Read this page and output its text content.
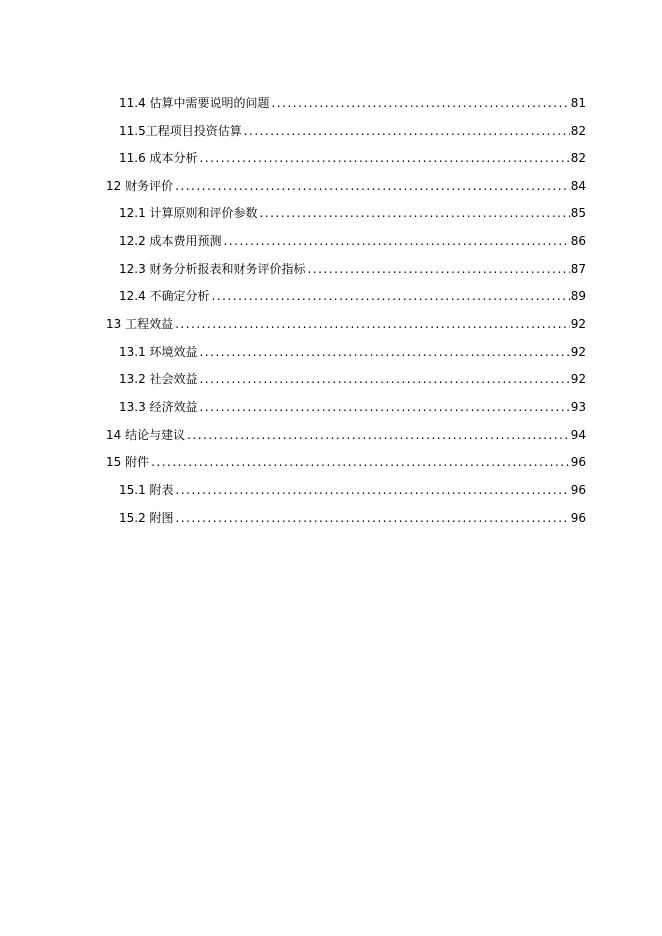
11.4 估算中需要说明的问题 .....	81
11.5工程项目投资估算 .....	82
11.6 成本分析 .....	82
12 财务评价 .....	84
12.1 计算原则和评价参数 .....	85
12.2 成本费用预测 .....	86
12.3 财务分析报表和财务评价指标 .....	87
12.4 不确定分析 .....	89
13 工程效益 .....	92
13.1 环境效益 .....	92
13.2 社会效益 .....	92
13.3 经济效益 .....	93
14 结论与建议 .....	94
15 附件 .....	96
15.1 附表 .....	96
15.2 附图 .....	96
